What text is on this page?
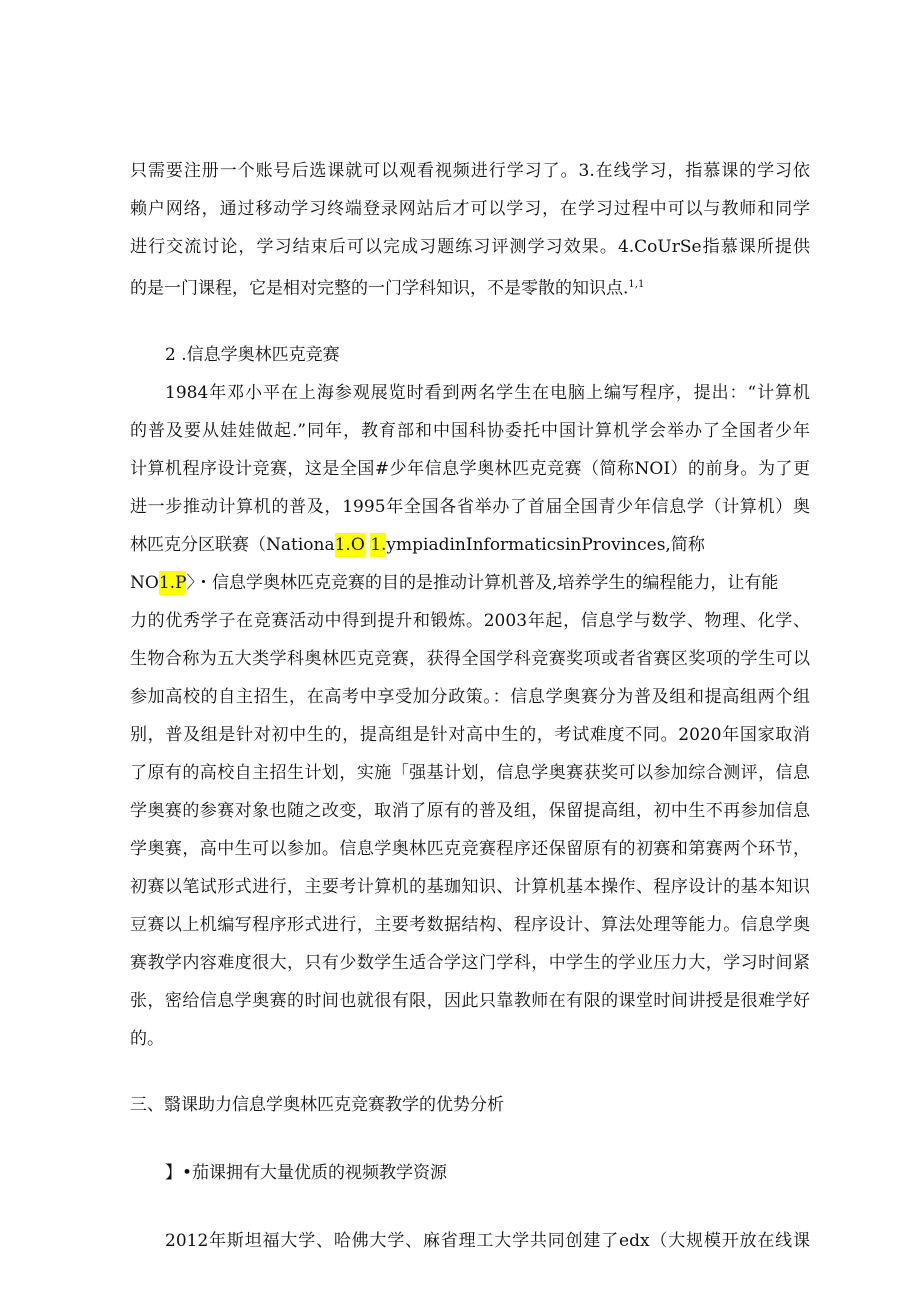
只需要注册一个账号后选课就可以观看视频进行学习了。3.在线学习，指慕课的学习依
赖户网络，通过移动学习终端登录网站后才可以学习，在学习过程中可以与教师和同学
进行交流讨论，学习结束后可以完成习题练习评测学习效果。4.CoUrSe指慕课所提供
的是一门课程，它是相对完整的一门学科知识，不是零散的知识点.$^{1,1}$
2 .信息学奥林匹克竞赛
1984年邓小平在上海参观展览时看到两名学生在电脑上编写程序，提出：“计算机
的普及要从娃娃做起.”同年，教育部和中国科协委托中国计算机学会举办了全国者少年
计算机程序设计竞赛，这是全国#少年信息学奥林匹克竞赛（简称NOI）的前身。为了更
进一步推动计算机的普及，1995年全国各省举办了首届全国青少年信息学（计算机）奥
林匹克分区联赛（Nationa1.O 1.ympiadinInformaticsinProvinces,简称
NO1.P〉・信息学奥林匹克竞赛的目的是推动计算机普及,培养学生的编程能力，让有能
力的优秀学子在竞赛活动中得到提升和锻炼。2003年起，信息学与数学、物理、化学、
生物合称为五大类学科奥林匹克竞赛，获得全国学科竞赛奖项或者省赛区奖项的学生可以
参加高校的自主招生，在高考中享受加分政策。：信息学奥赛分为普及组和提高组两个组
别，普及组是针对初中生的，提高组是针对高中生的，考试难度不同。2020年国家取消
了原有的高校自主招生计划，实施「强基计划，信息学奥赛获奖可以参加综合测评，信息
学奥赛的参赛对象也随之改变，取消了原有的普及组，保留提高组，初中生不再参加信息
学奥赛，高中生可以参加。信息学奥林匹克竞赛程序还保留原有的初赛和第赛两个环节，
初赛以笔试形式进行，主要考计算机的基珈知识、计算机基本操作、程序设计的基本知识
豆赛以上机编写程序形式进行，主要考数据结构、程序设计、算法处理等能力。信息学奥
赛教学内容难度很大，只有少数学生适合学这门学科，中学生的学业压力大，学习时间紧
张，密给信息学奥赛的时间也就很有限，因此只靠教师在有限的课堂时间讲授是很难学好
的。
三、翳课助力信息学奥林匹克竞赛教学的优势分析
】•茄课拥有大量优质的视频教学资源
2012年斯坦福大学、哈佛大学、麻省理工大学共同创建了edx（大规模开放在线课
